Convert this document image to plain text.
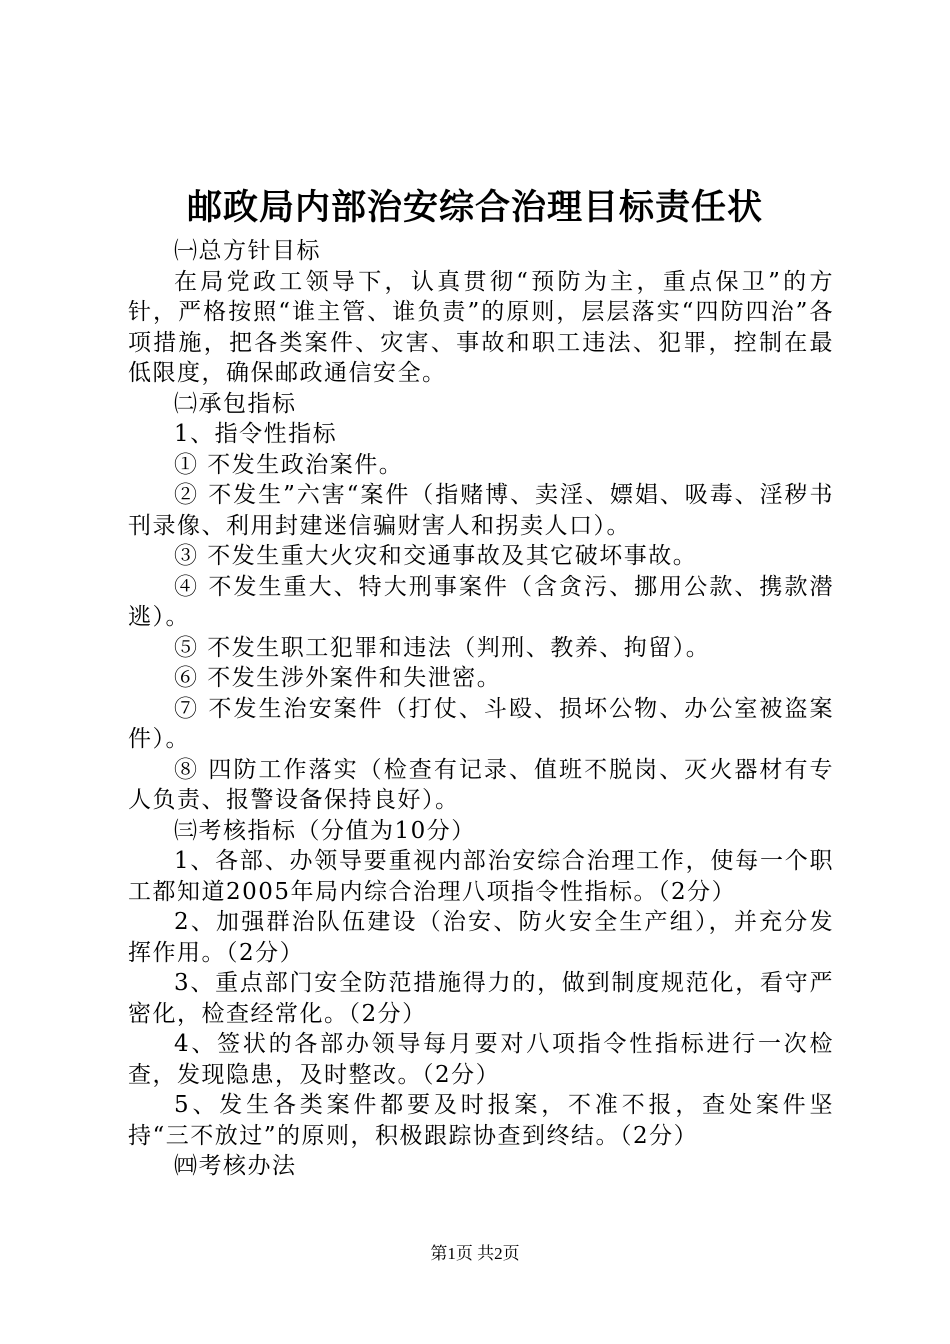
邮政局内部治安综合治理目标责任状

㈠总方针目标

在局党政工领导下，认真贯彻“预防为主，重点保卫”的方针，严格按照“谁主管、谁负责”的原则，层层落实“四防四治”各项措施，把各类案件、灾害、事故和职工违法、犯罪，控制在最低限度，确保邮政通信安全。

㈡承包指标

1、指令性指标

① 不发生政治案件。

② 不发生”六害“案件（指赌博、卖淫、嫖娼、吸毒、淫秽书刊录像、利用封建迷信骗财害人和拐卖人口）。

③ 不发生重大火灾和交通事故及其它破坏事故。

④ 不发生重大、特大刑事案件（含贪污、挪用公款、携款潜逃）。

⑤ 不发生职工犯罪和违法（判刑、教养、拘留）。

⑥ 不发生涉外案件和失泄密。

⑦ 不发生治安案件（打仗、斗殴、损坏公物、办公室被盗案件）。

⑧ 四防工作落实（检查有记录、值班不脱岗、灭火器材有专人负责、报警设备保持良好）。

㈢考核指标（分值为10分）

1、各部、办领导要重视内部治安综合治理工作，使每一个职工都知道2005年局内综合治理八项指令性指标。（2分）

2、加强群治队伍建设（治安、防火安全生产组），并充分发挥作用。（2分）

3、重点部门安全防范措施得力的，做到制度规范化，看守严密化，检查经常化。（2分）

4、签状的各部办领导每月要对八项指令性指标进行一次检查，发现隐患，及时整改。（2分）

5、发生各类案件都要及时报案，不准不报，查处案件坚持“三不放过”的原则，积极跟踪协查到终结。（2分）

㈣考核办法

第1页 共2页
